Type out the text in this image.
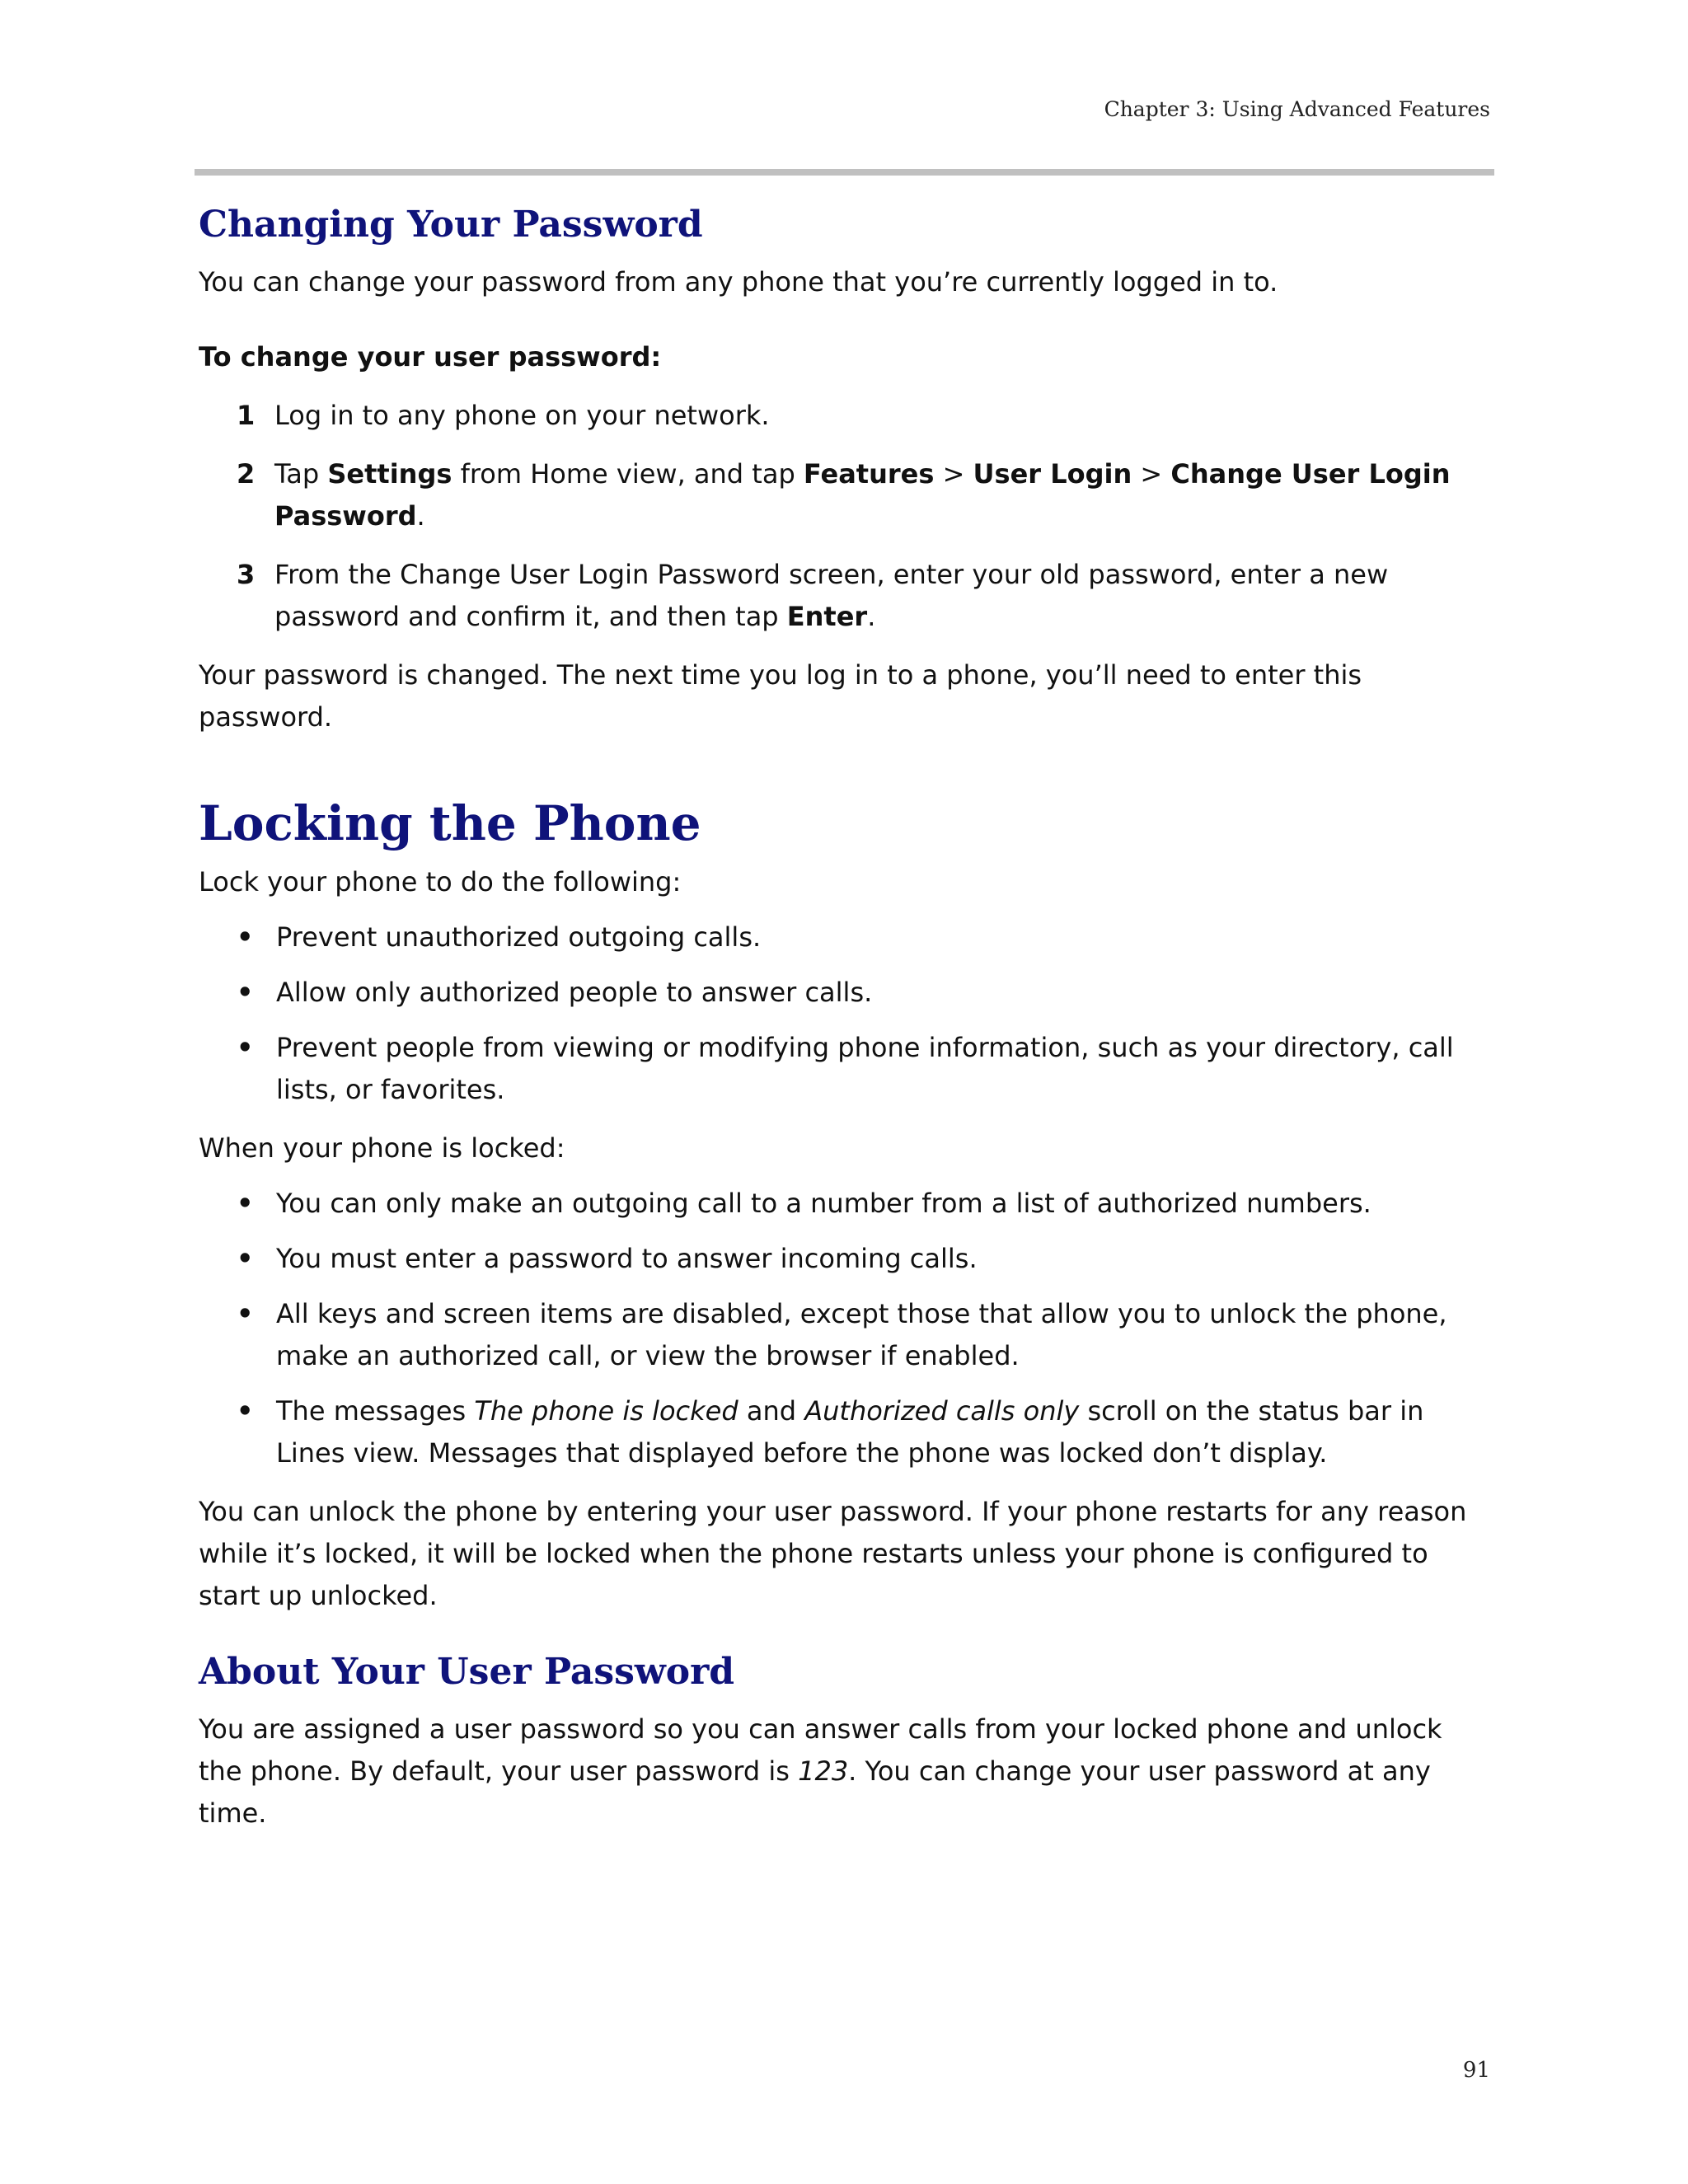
Chapter 3: Using Advanced Features
Changing Your Password

You can change your password from any phone that you’re currently logged in to.

To change your user password:

1 Log in to any phone on your network.
2 Tap Settings from Home view, and tap Features > User Login > Change User Login Password.
3 From the Change User Login Password screen, enter your old password, enter a new password and confirm it, and then tap Enter.

Your password is changed. The next time you log in to a phone, you’ll need to enter this password.

Locking the Phone

Lock your phone to do the following:

• Prevent unauthorized outgoing calls.
• Allow only authorized people to answer calls.
• Prevent people from viewing or modifying phone information, such as your directory, call lists, or favorites.

When your phone is locked:

• You can only make an outgoing call to a number from a list of authorized numbers.
• You must enter a password to answer incoming calls.
• All keys and screen items are disabled, except those that allow you to unlock the phone, make an authorized call, or view the browser if enabled.
• The messages The phone is locked and Authorized calls only scroll on the status bar in Lines view. Messages that displayed before the phone was locked don’t display.

You can unlock the phone by entering your user password. If your phone restarts for any reason while it’s locked, it will be locked when the phone restarts unless your phone is configured to start up unlocked.

About Your User Password

You are assigned a user password so you can answer calls from your locked phone and unlock the phone. By default, your user password is 123. You can change your user password at any time.

91
